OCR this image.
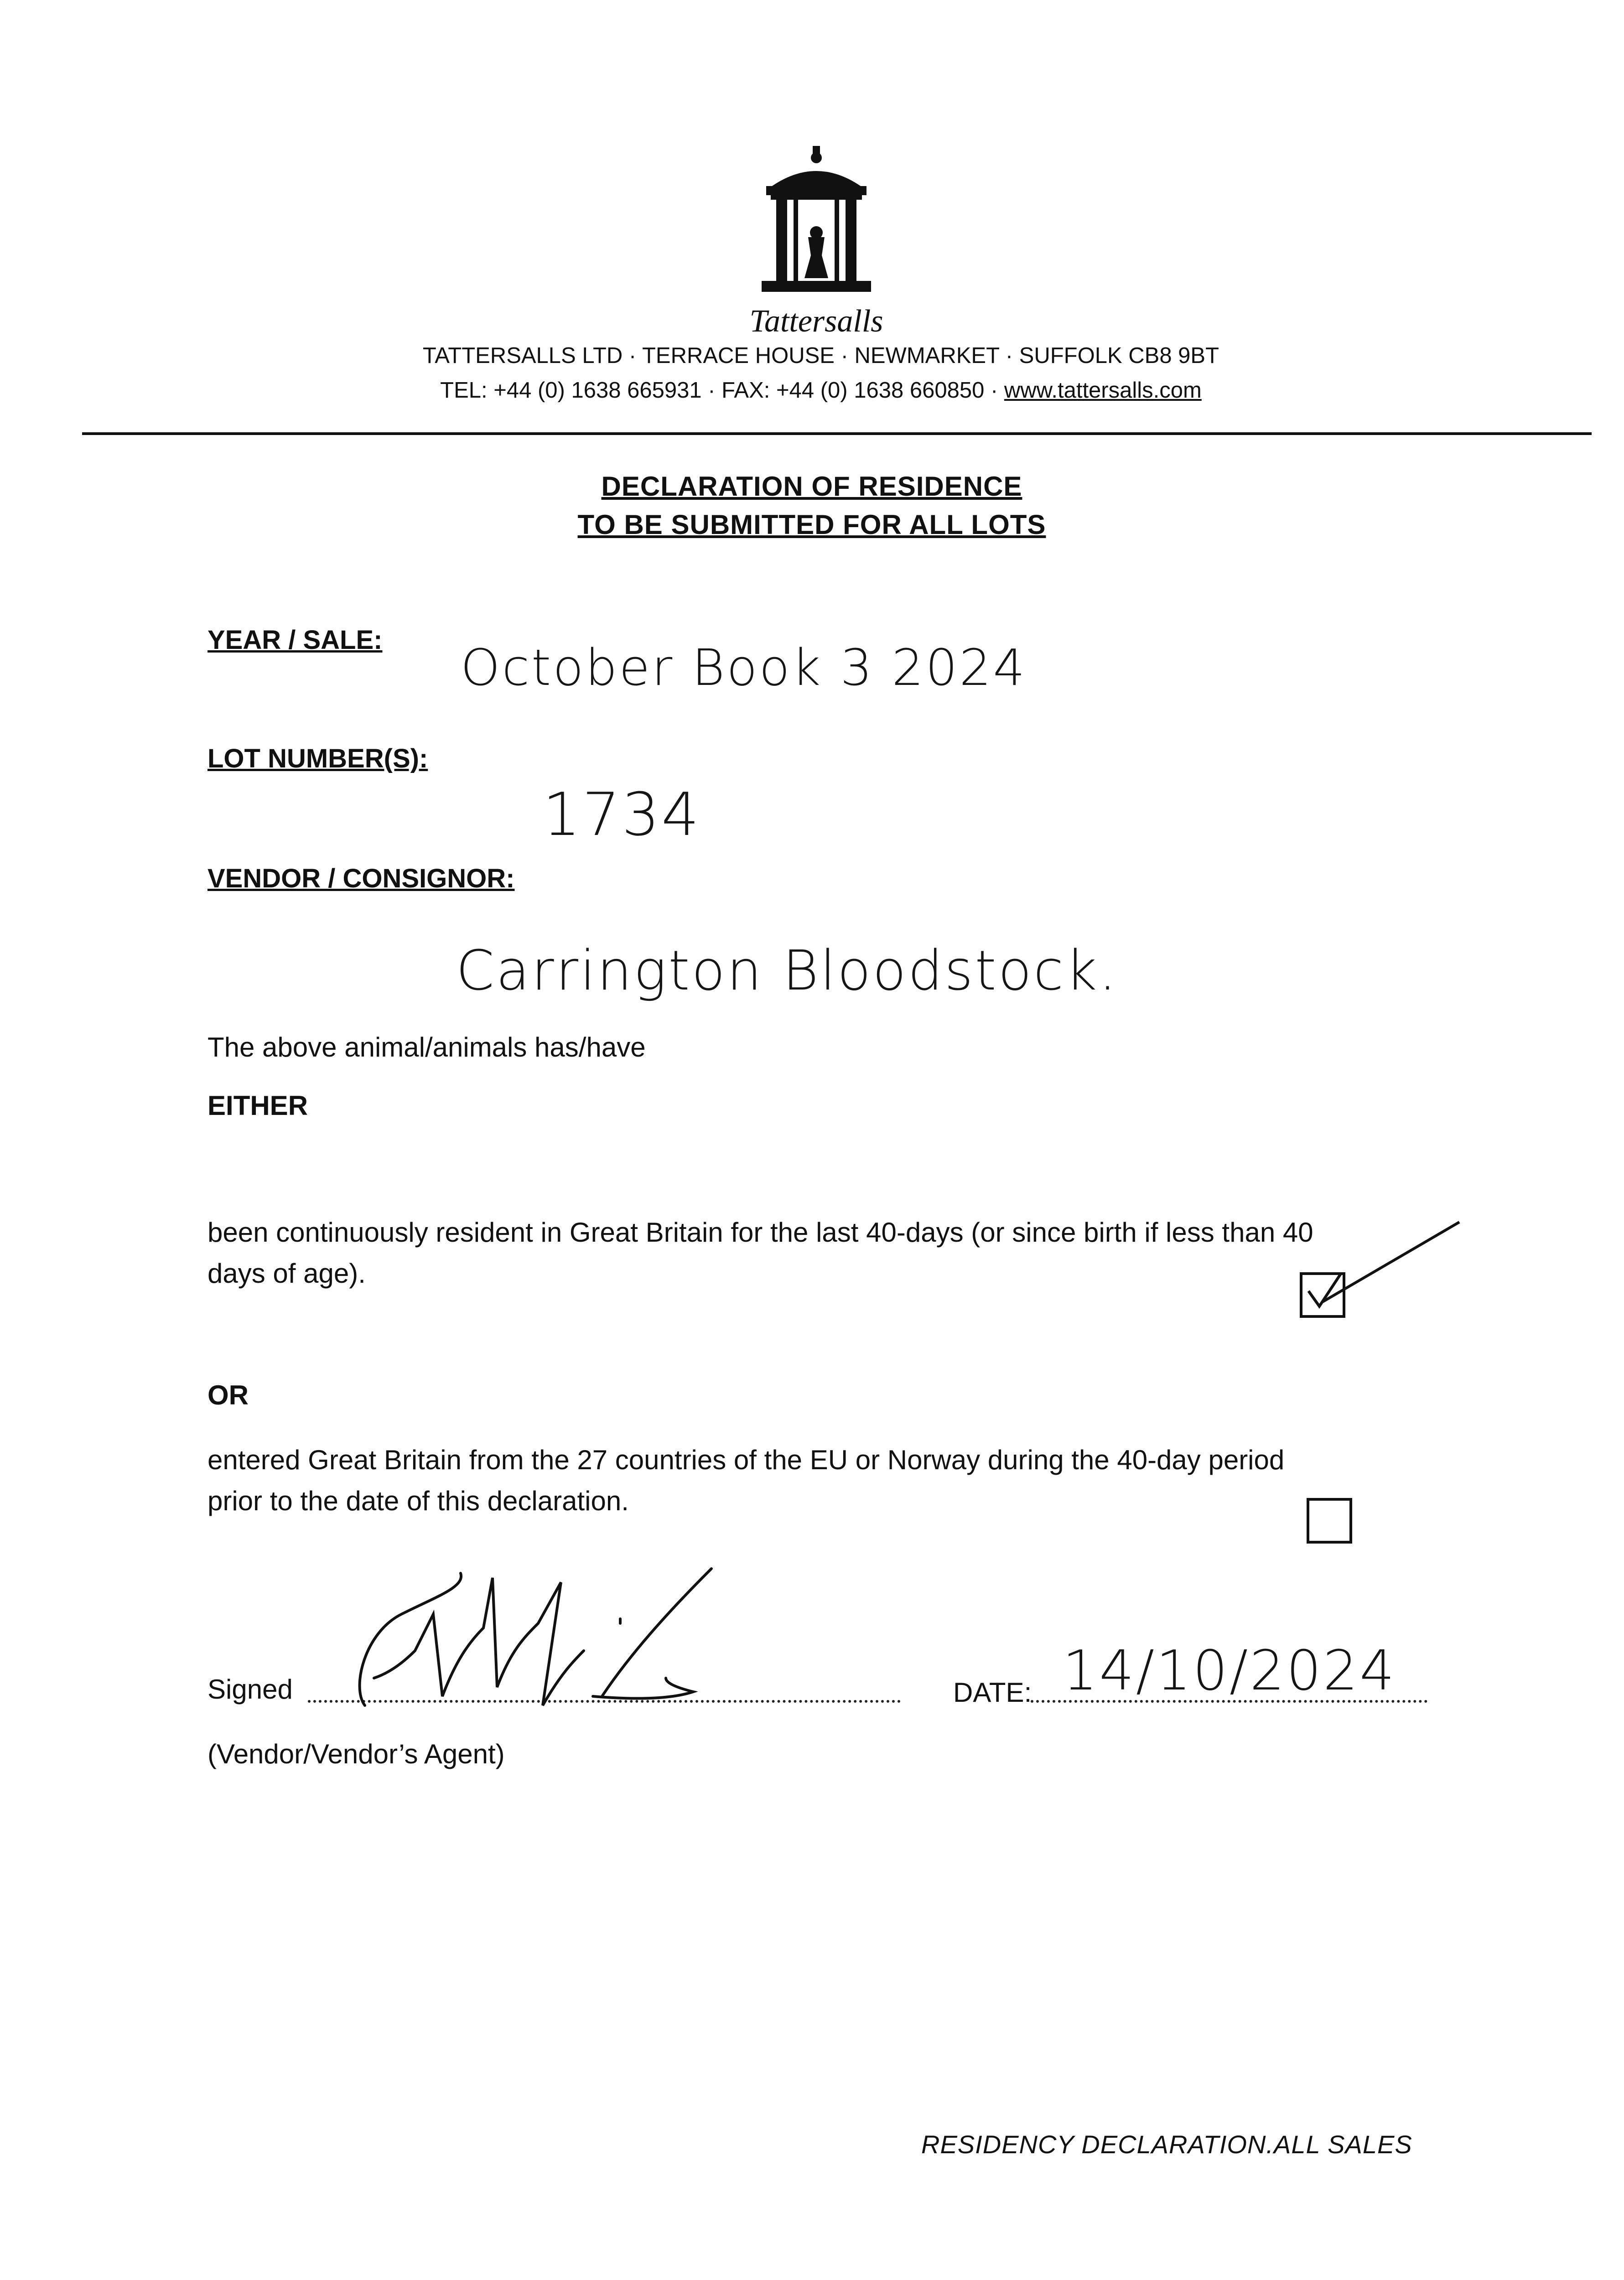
Tattersalls
TATTERSALLS LTD · TERRACE HOUSE · NEWMARKET · SUFFOLK CB8 9BT
TEL: +44 (0) 1638 665931 · FAX: +44 (0) 1638 660850 · www.tattersalls.com
DECLARATION OF RESIDENCE
TO BE SUBMITTED FOR ALL LOTS
YEAR / SALE: October Book 3 2024
LOT NUMBER(S):
1734
VENDOR / CONSIGNOR:
Carrington Bloodstock.
The above animal/animals has/have
EITHER
been continuously resident in Great Britain for the last 40-days (or since birth if less than 40
days of age).
OR
entered Great Britain from the 27 countries of the EU or Norway during the 40-day period
prior to the date of this declaration.
Signed	DATE: 14/10/2024
(Vendor/Vendor’s Agent)
RESIDENCY DECLARATION.ALL SALES
